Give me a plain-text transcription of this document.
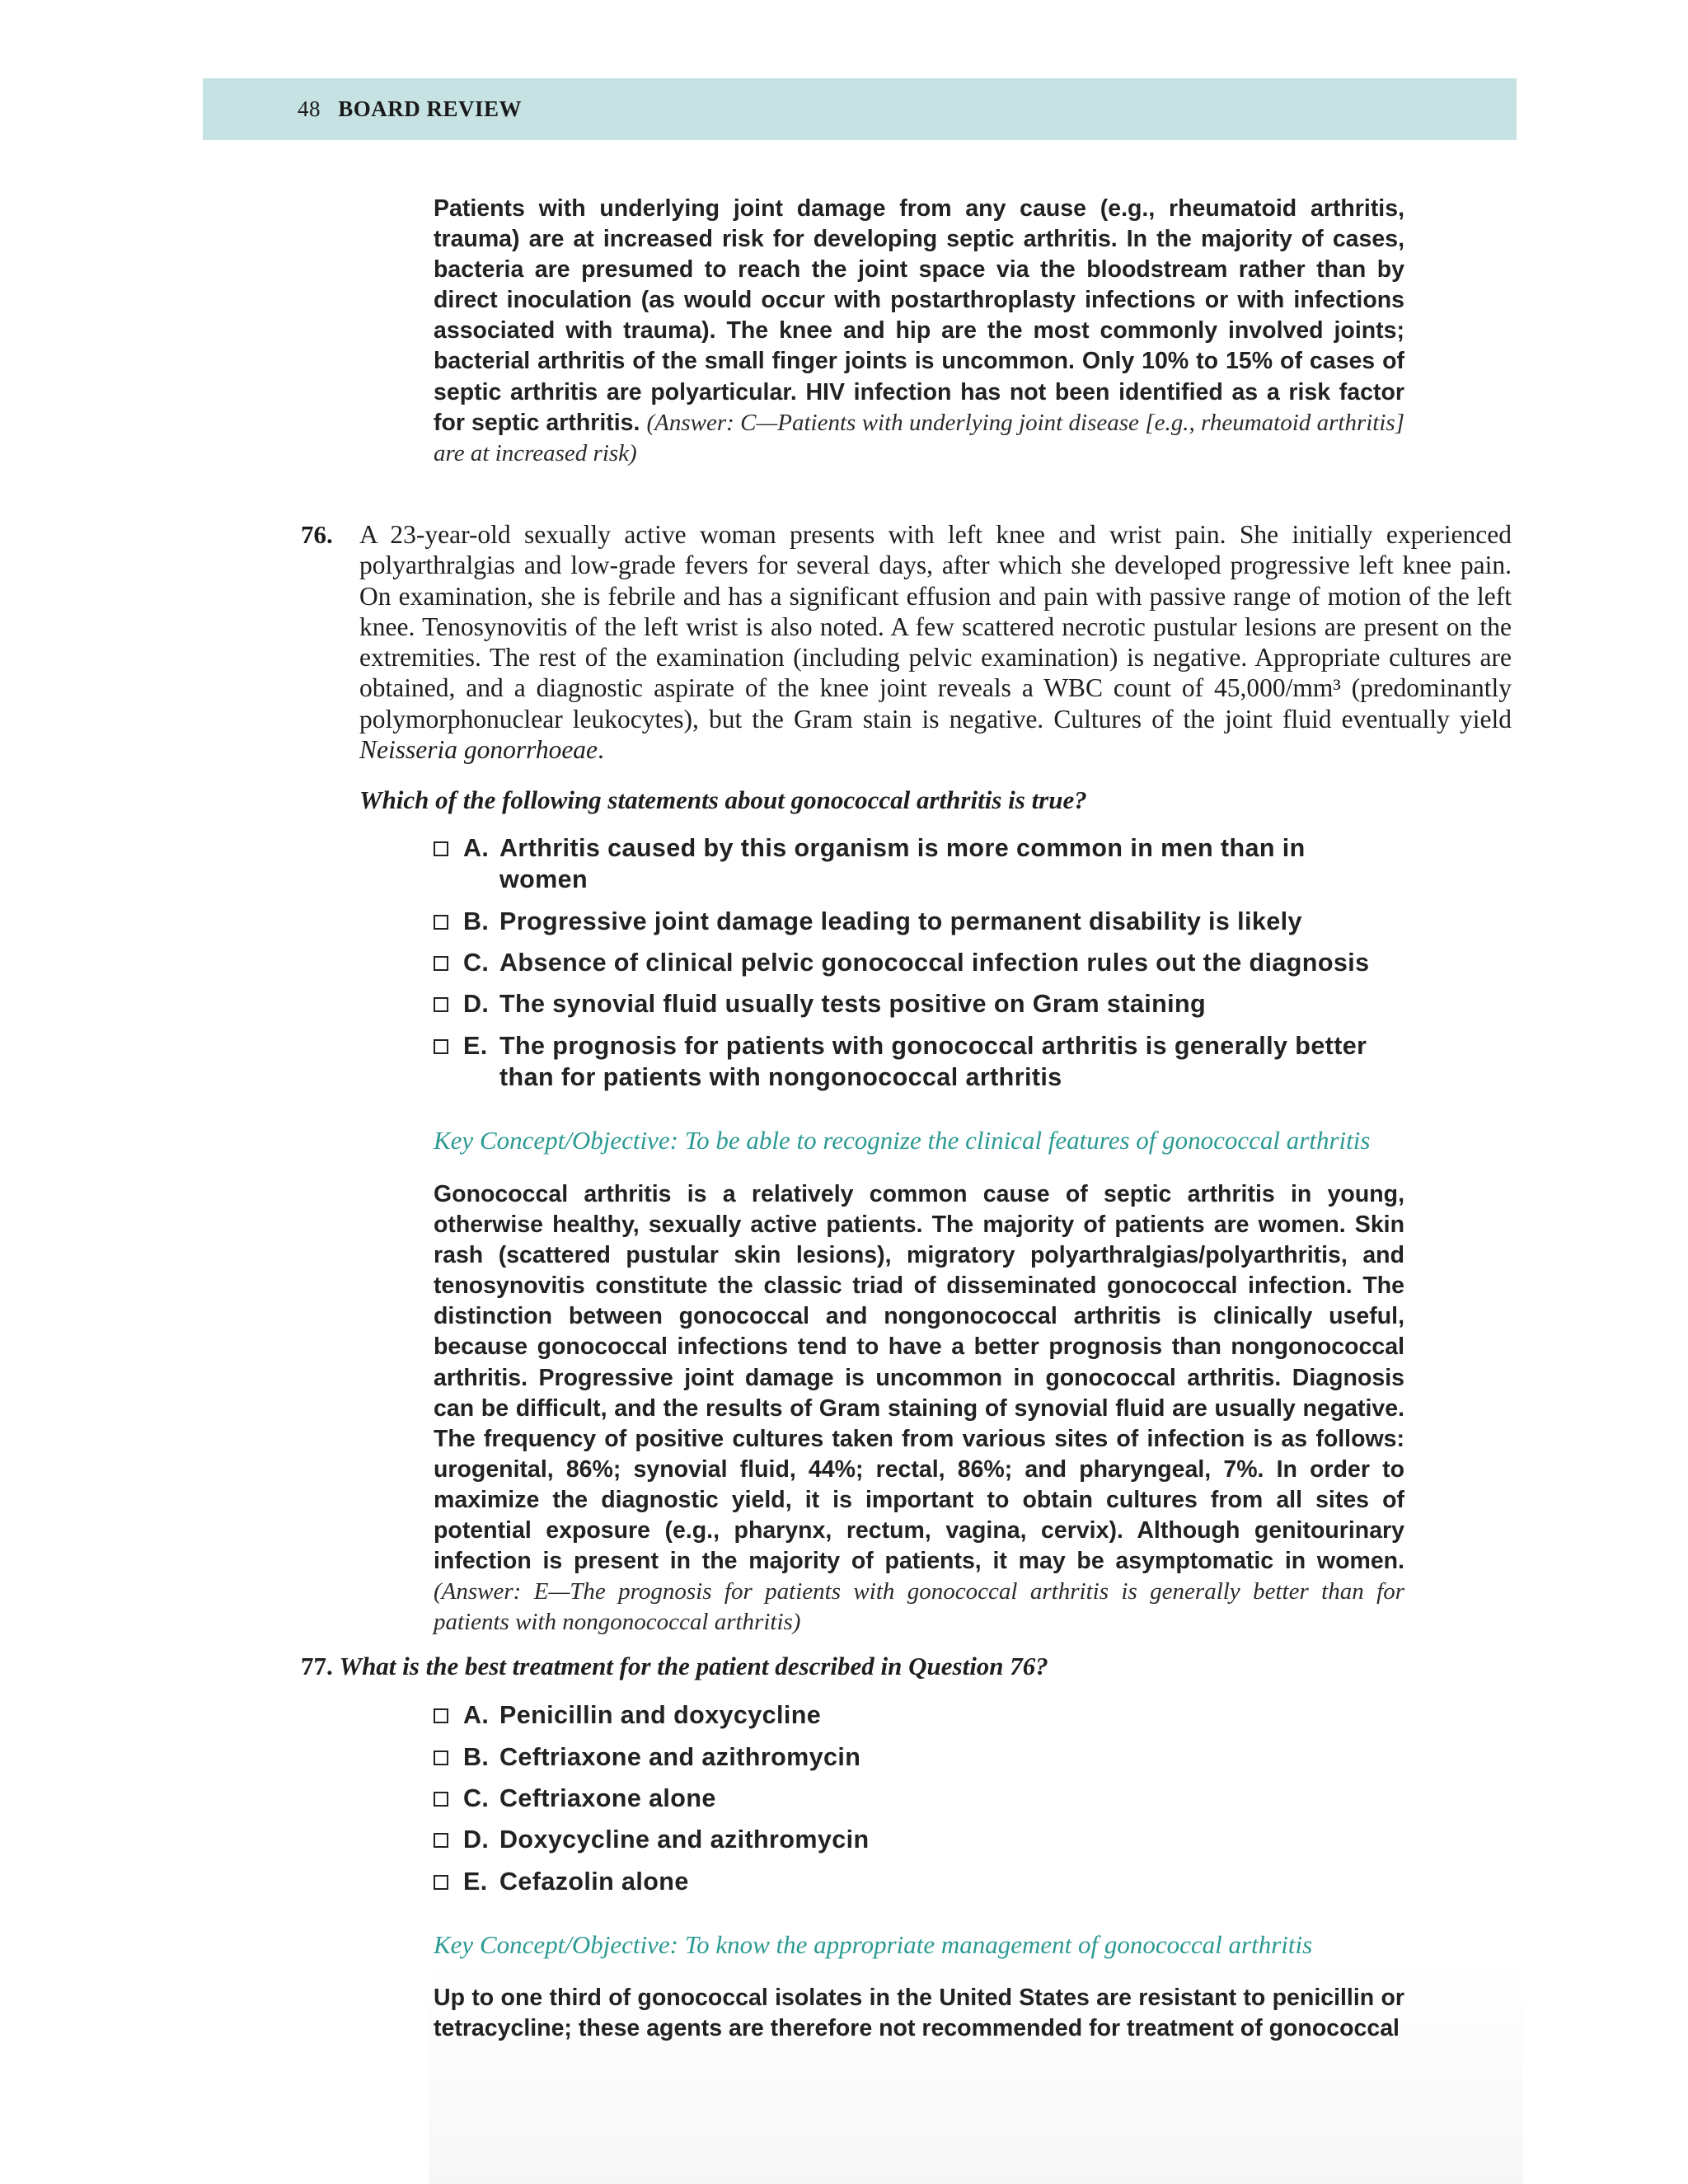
48 BOARD REVIEW

Patients with underlying joint damage from any cause (e.g., rheumatoid arthritis, trauma) are at increased risk for developing septic arthritis. In the majority of cases, bacteria are presumed to reach the joint space via the bloodstream rather than by direct inoculation (as would occur with postarthroplasty infections or with infections associated with trauma). The knee and hip are the most commonly involved joints; bacterial arthritis of the small finger joints is uncommon. Only 10% to 15% of cases of septic arthritis are polyarticular. HIV infection has not been identified as a risk factor for septic arthritis. (Answer: C—Patients with underlying joint disease [e.g., rheumatoid arthritis] are at increased risk)

76. A 23-year-old sexually active woman presents with left knee and wrist pain. She initially experienced polyarthralgias and low-grade fevers for several days, after which she developed progressive left knee pain. On examination, she is febrile and has a significant effusion and pain with passive range of motion of the left knee. Tenosynovitis of the left wrist is also noted. A few scattered necrotic pustular lesions are present on the extremities. The rest of the examination (including pelvic examination) is negative. Appropriate cultures are obtained, and a diagnostic aspirate of the knee joint reveals a WBC count of 45,000/mm³ (predominantly polymorphonuclear leukocytes), but the Gram stain is negative. Cultures of the joint fluid eventually yield Neisseria gonorrhoeae.

Which of the following statements about gonococcal arthritis is true?
A. Arthritis caused by this organism is more common in men than in women
B. Progressive joint damage leading to permanent disability is likely
C. Absence of clinical pelvic gonococcal infection rules out the diagnosis
D. The synovial fluid usually tests positive on Gram staining
E. The prognosis for patients with gonococcal arthritis is generally better than for patients with nongonococcal arthritis
Key Concept/Objective: To be able to recognize the clinical features of gonococcal arthritis

Gonococcal arthritis is a relatively common cause of septic arthritis in young, otherwise healthy, sexually active patients. The majority of patients are women. Skin rash (scattered pustular skin lesions), migratory polyarthralgias/polyarthritis, and tenosynovitis constitute the classic triad of disseminated gonococcal infection. The distinction between gonococcal and nongonococcal arthritis is clinically useful, because gonococcal infections tend to have a better prognosis than nongonococcal arthritis. Progressive joint damage is uncommon in gonococcal arthritis. Diagnosis can be difficult, and the results of Gram staining of synovial fluid are usually negative. The frequency of positive cultures taken from various sites of infection is as follows: urogenital, 86%; synovial fluid, 44%; rectal, 86%; and pharyngeal, 7%. In order to maximize the diagnostic yield, it is important to obtain cultures from all sites of potential exposure (e.g., pharynx, rectum, vagina, cervix). Although genitourinary infection is present in the majority of patients, it may be asymptomatic in women. (Answer: E—The prognosis for patients with gonococcal arthritis is generally better than for patients with nongonococcal arthritis)

77. What is the best treatment for the patient described in Question 76?
A. Penicillin and doxycycline
B. Ceftriaxone and azithromycin
C. Ceftriaxone alone
D. Doxycycline and azithromycin
E. Cefazolin alone
Key Concept/Objective: To know the appropriate management of gonococcal arthritis

Up to one third of gonococcal isolates in the United States are resistant to penicillin or tetracycline; these agents are therefore not recommended for treatment of gonococcal
